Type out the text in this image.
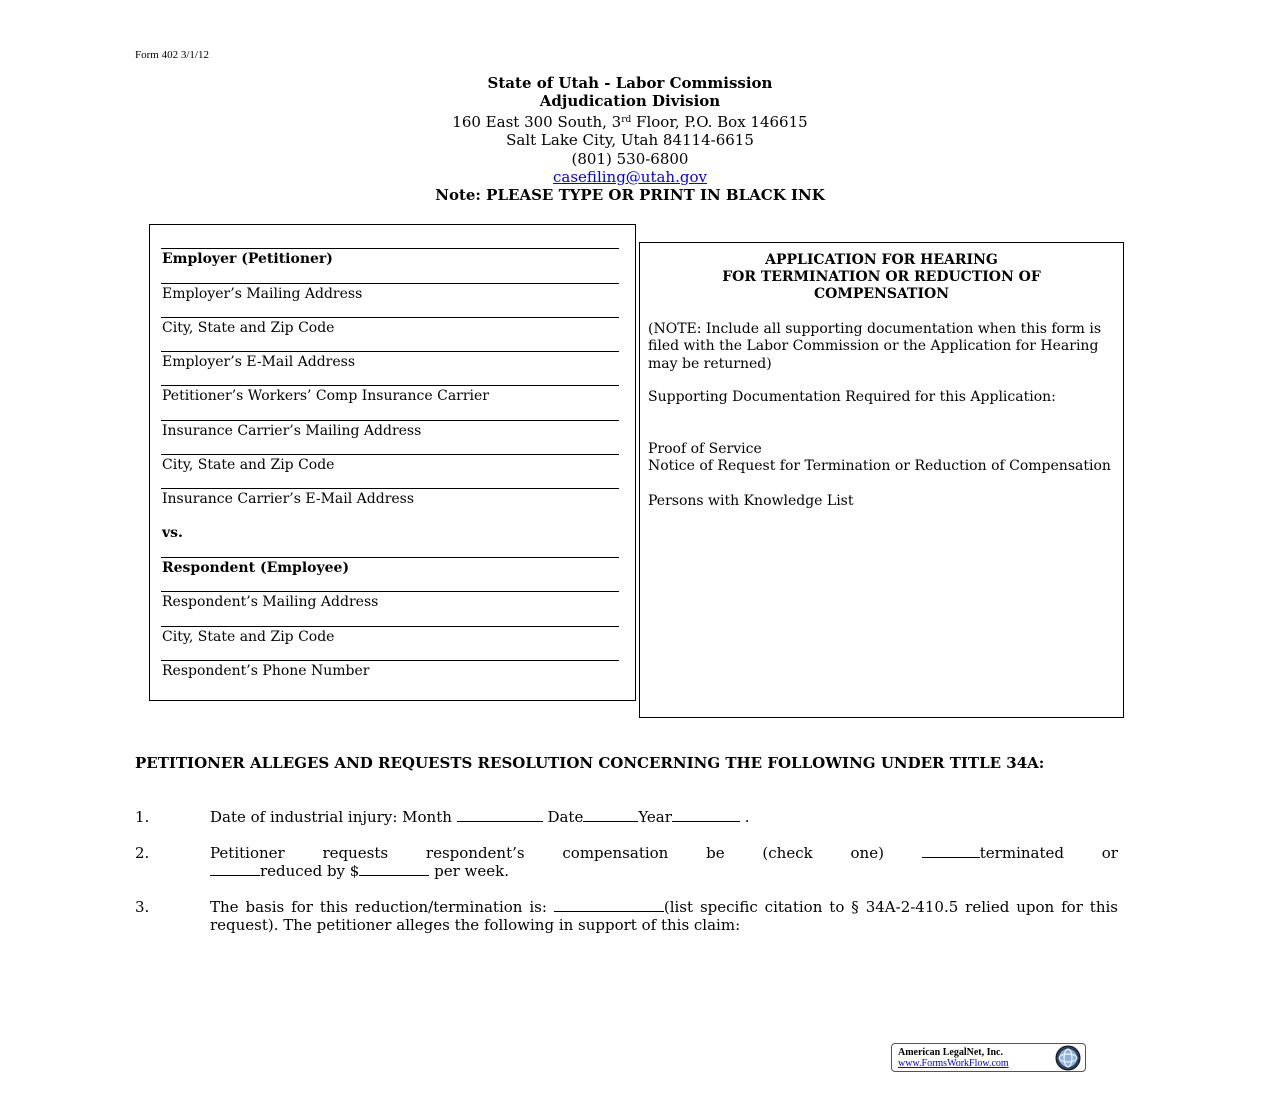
Form 402 3/1/12
State of Utah - Labor Commission
Adjudication Division
160 East 300 South, 3rd Floor, P.O. Box 146615
Salt Lake City, Utah 84114-6615
(801) 530-6800
casefiling@utah.gov
Note: PLEASE TYPE OR PRINT IN BLACK INK
Employer (Petitioner)
Employer’s Mailing Address
City, State and Zip Code
Employer’s E-Mail Address
Petitioner’s Workers’ Comp Insurance Carrier
Insurance Carrier’s Mailing Address
City, State and Zip Code
Insurance Carrier’s E-Mail Address
vs.
Respondent (Employee)
Respondent’s Mailing Address
City, State and Zip Code
Respondent’s Phone Number
APPLICATION FOR HEARING
FOR TERMINATION OR REDUCTION OF
COMPENSATION
(NOTE: Include all supporting documentation when this form is filed with the Labor Commission or the Application for Hearing may be returned)
Supporting Documentation Required for this Application:
Proof of Service
Notice of Request for Termination or Reduction of Compensation
Persons with Knowledge List
PETITIONER ALLEGES AND REQUESTS RESOLUTION CONCERNING THE FOLLOWING UNDER TITLE 34A:
1.	Date of industrial injury: Month	Date	Year	.
2.	Petitioner requests respondent’s compensation be (check one)	terminated or
reduced by $	per week.
3.	The basis for this reduction/termination is:	(list specific citation to § 34A-2-410.5 relied upon for this request). The petitioner alleges the following in support of this claim:
American LegalNet, Inc.
www.FormsWorkFlow.com
